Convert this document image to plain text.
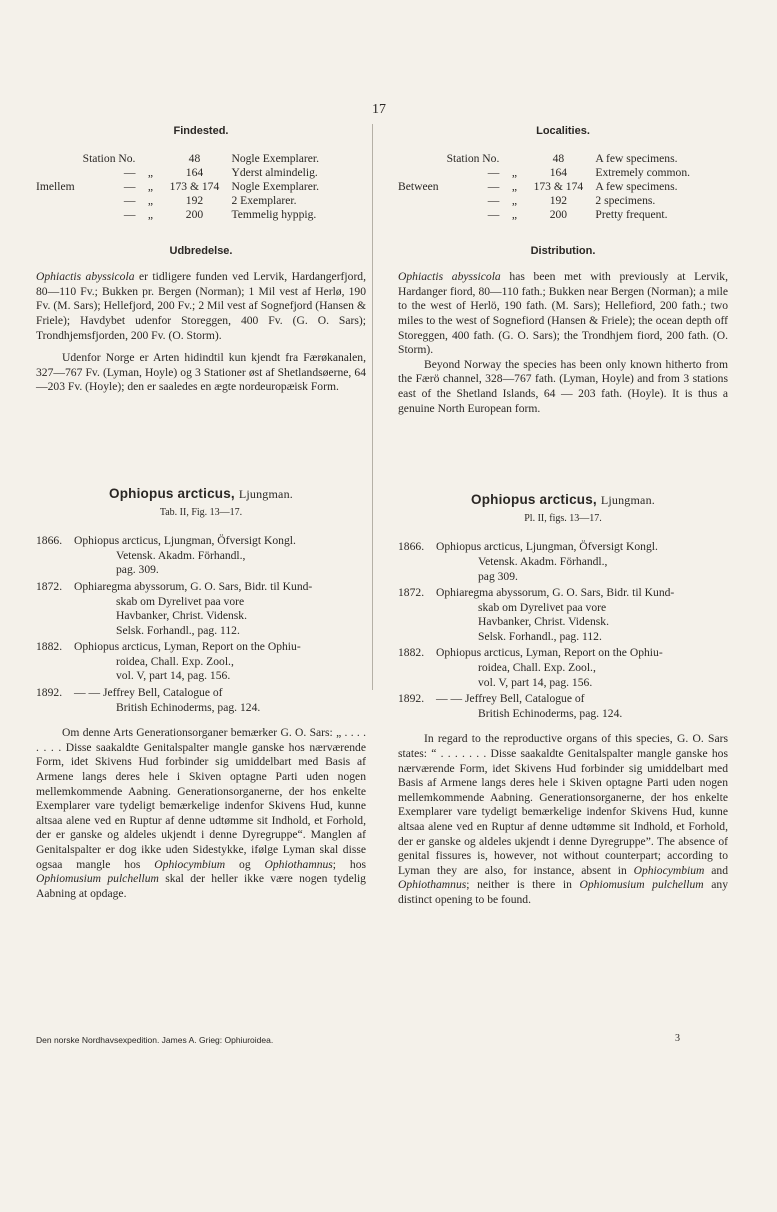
17
Findested.
	Station No.		48	Nogle Exemplarer.
	—	„	164	Yderst almindelig.
Imellem	—	„	173 & 174	Nogle Exemplarer.
	—	„	192	2 Exemplarer.
	—	„	200	Temmelig hyppig.
Udbredelse.

Ophiactis abyssicola er tidligere funden ved Lervik, Hardangerfjord, 80—110 Fv.; Bukken pr. Bergen (Norman); 1 Mil vest af Herlø, 190 Fv. (M. Sars); Hellefjord, 200 Fv.; 2 Mil vest af Sognefjord (Hansen & Friele); Havdybet udenfor Storeggen, 400 Fv. (G. O. Sars); Trondhjemsfjorden, 200 Fv. (O. Storm).

Udenfor Norge er Arten hidindtil kun kjendt fra Færøkanalen, 327—767 Fv. (Lyman, Hoyle) og 3 Stationer øst af Shetlandsøerne, 64—203 Fv. (Hoyle); den er saaledes en ægte nordeuropæisk Form.

Ophiopus arcticus, Ljungman.
Tab. II, Fig. 13—17.
1866.	Ophiopus arcticus, Ljungman, Öfversigt Kongl.
Vetensk. Akadm. Förhandl.,
pag. 309.
1872.	Ophiaregma abyssorum, G. O. Sars, Bidr. til Kund-
skab om Dyrelivet paa vore
Havbanker, Christ. Vidensk.
Selsk. Forhandl., pag. 112.
1882.	Ophiopus arcticus, Lyman, Report on the Ophiu-
roidea, Chall. Exp. Zool.,
vol. V, part 14, pag. 156.
1892.	— — Jeffrey Bell, Catalogue of
British Echinoderms, pag. 124.

Om denne Arts Generationsorganer bemærker G. O. Sars: „ . . . . . . . . Disse saakaldte Genitalspalter mangle ganske hos nærværende Form, idet Skivens Hud forbinder sig umiddelbart med Basis af Armene langs deres hele i Skiven optagne Parti uden nogen mellemkommende Aabning. Generationsorganerne, der hos enkelte Exemplarer vare tydeligt bemærkelige indenfor Skivens Hud, kunne altsaa alene ved en Ruptur af denne udtømme sit Indhold, et Forhold, der er ganske og aldeles ukjendt i denne Dyregruppe“. Manglen af Genitalspalter er dog ikke uden Sidestykke, ifølge Lyman skal disse ogsaa mangle hos Ophiocymbium og Ophiothamnus; hos Ophiomusium pulchellum skal der heller ikke være nogen tydelig Aabning at opdage.

Localities.
	Station No.		48	A few specimens.
	—	„	164	Extremely common.
Between	—	„	173 & 174	A few specimens.
	—	„	192	2 specimens.
	—	„	200	Pretty frequent.
Distribution.

Ophiactis abyssicola has been met with previously at Lervik, Hardanger fiord, 80—110 fath.; Bukken near Bergen (Norman); a mile to the west of Herlö, 190 fath. (M. Sars); Hellefiord, 200 fath.; two miles to the west of Sognefiord (Hansen & Friele); the ocean depth off Storeggen, 400 fath. (G. O. Sars); the Trondhjem fiord, 200 fath. (O. Storm).

Beyond Norway the species has been only known hitherto from the Færö channel, 328—767 fath. (Lyman, Hoyle) and from 3 stations east of the Shetland Islands, 64 — 203 fath. (Hoyle). It is thus a genuine North European form.

Ophiopus arcticus, Ljungman.
Pl. II, figs. 13—17.
1866.	Ophiopus arcticus, Ljungman, Öfversigt Kongl.
Vetensk. Akadm. Förhandl.,
pag 309.
1872.	Ophiaregma abyssorum, G. O. Sars, Bidr. til Kund-
skab om Dyrelivet paa vore
Havbanker, Christ. Vidensk.
Selsk. Forhandl., pag. 112.
1882.	Ophiopus arcticus, Lyman, Report on the Ophiu-
roidea, Chall. Exp. Zool.,
vol. V, part 14, pag. 156.
1892.	— — Jeffrey Bell, Catalogue of
British Echinoderms, pag. 124.

In regard to the reproductive organs of this species, G. O. Sars states: “ . . . . . . . Disse saakaldte Genitalspalter mangle ganske hos nærværende Form, idet Skivens Hud forbinder sig umiddelbart med Basis af Armene langs deres hele i Skiven optagne Parti uden nogen mellemkommende Aabning. Generationsorganerne, der hos enkelte Exemplarer vare tydeligt bemærkelige indenfor Skivens Hud, kunne altsaa alene ved en Ruptur af denne udtømme sit Indhold, et Forhold, der er ganske og aldeles ukjendt i denne Dyregruppe”. The absence of genital fissures is, however, not without counterpart; according to Lyman they are also, for instance, absent in Ophiocymbium and Ophiothamnus; neither is there in Ophiomusium pulchellum any distinct opening to be found.

Den norske Nordhavsexpedition. James A. Grieg: Ophiuroidea.	3
